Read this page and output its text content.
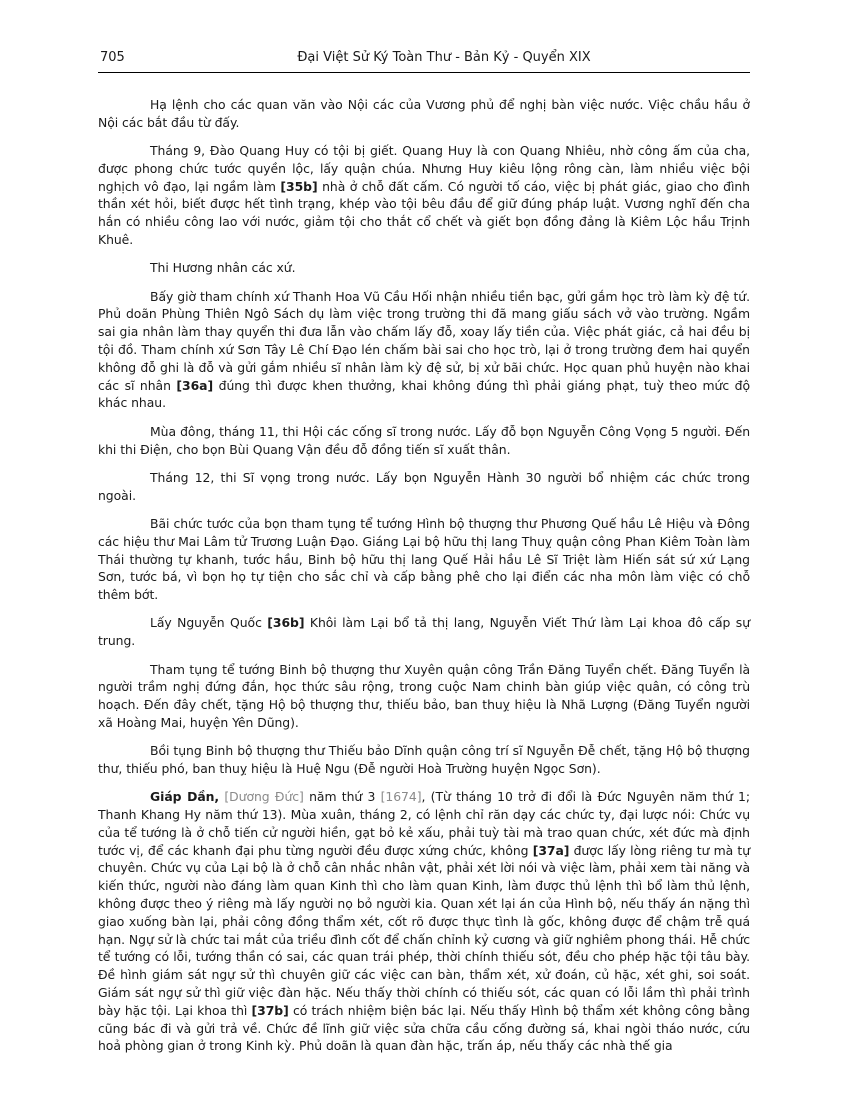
705	Đại Việt Sử Ký Toàn Thư - Bản Kỷ - Quyển XIX

Hạ lệnh cho các quan văn vào Nội các của Vương phủ để nghị bàn việc nước. Việc chầu hầu ở Nội các bắt đầu từ đấy.

Tháng 9, Đào Quang Huy có tội bị giết. Quang Huy là con Quang Nhiêu, nhờ công ấm của cha, được phong chức tước quyền lộc, lấy quận chúa. Nhưng Huy kiêu lộng rông càn, làm nhiều việc bội nghịch vô đạo, lại ngầm làm [35b] nhà ở chỗ đất cấm. Có người tố cáo, việc bị phát giác, giao cho đình thần xét hỏi, biết được hết tình trạng, khép vào tội bêu đầu để giữ đúng pháp luật. Vương nghĩ đến cha hắn có nhiều công lao với nước, giảm tội cho thắt cổ chết và giết bọn đồng đảng là Kiêm Lộc hầu Trịnh Khuê.

Thi Hương nhân các xứ.

Bấy giờ tham chính xứ Thanh Hoa Vũ Cầu Hối nhận nhiều tiền bạc, gửi gắm học trò làm kỳ đệ tứ. Phủ doãn Phùng Thiên Ngô Sách dụ làm việc trong trường thi đã mang giấu sách vở vào trường. Ngầm sai gia nhân làm thay quyển thi đưa lẫn vào chấm lấy đỗ, xoay lấy tiền của. Việc phát giác, cả hai đều bị tội đồ. Tham chính xứ Sơn Tây Lê Chí Đạo lén chấm bài sai cho học trò, lại ở trong trường đem hai quyển không đỗ ghi là đỗ và gửi gắm nhiều sĩ nhân làm kỳ đệ sử, bị xử bãi chức. Học quan phủ huyện nào khai các sĩ nhân [36a] đúng thì được khen thưởng, khai không đúng thì phải giáng phạt, tuỳ theo mức độ khác nhau.

Mùa đông, tháng 11, thi Hội các cống sĩ trong nước. Lấy đỗ bọn Nguyễn Công Vọng 5 người. Đến khi thi Điện, cho bọn Bùi Quang Vận đều đỗ đồng tiến sĩ xuất thân.

Tháng 12, thi Sĩ vọng trong nước. Lấy bọn Nguyễn Hành 30 người bổ nhiệm các chức trong ngoài.

Bãi chức tước của bọn tham tụng tể tướng Hình bộ thượng thư Phương Quế hầu Lê Hiệu và Đông các hiệu thư Mai Lâm tử Trương Luận Đạo. Giáng Lại bộ hữu thị lang Thuỵ quận công Phan Kiêm Toàn làm Thái thường tự khanh, tước hầu, Binh bộ hữu thị lang Quế Hải hầu Lê Sĩ Triệt làm Hiến sát sứ xứ Lạng Sơn, tước bá, vì bọn họ tự tiện cho sắc chỉ và cấp bằng phê cho lại điển các nha môn làm việc có chỗ thêm bớt.

Lấy Nguyễn Quốc [36b] Khôi làm Lại bổ tả thị lang, Nguyễn Viết Thứ làm Lại khoa đô cấp sự trung.

Tham tụng tể tướng Binh bộ thượng thư Xuyên quận công Trần Đăng Tuyển chết. Đăng Tuyển là người trầm nghị đứng đắn, học thức sâu rộng, trong cuộc Nam chinh bàn giúp việc quân, có công trù hoạch. Đến đây chết, tặng Hộ bộ thượng thư, thiếu bảo, ban thuỵ hiệu là Nhã Lượng (Đăng Tuyển người xã Hoàng Mai, huyện Yên Dũng).

Bồi tụng Binh bộ thượng thư Thiếu bảo Dĩnh quận công trí sĩ Nguyễn Đễ chết, tặng Hộ bộ thượng thư, thiếu phó, ban thuỵ hiệu là Huệ Ngu (Đễ người Hoà Trường huyện Ngọc Sơn).

Giáp Dần, [Dương Đức] năm thứ 3 [1674], (Từ tháng 10 trở đi đổi là Đức Nguyên năm thứ 1; Thanh Khang Hy năm thứ 13). Mùa xuân, tháng 2, có lệnh chỉ răn dạy các chức ty, đại lược nói: Chức vụ của tể tướng là ở chỗ tiến cử người hiền, gạt bỏ kẻ xấu, phải tuỳ tài mà trao quan chức, xét đức mà định tước vị, để các khanh đại phu từng người đều được xứng chức, không [37a] được lấy lòng riêng tư mà tự chuyên. Chức vụ của Lại bộ là ở chỗ cân nhắc nhân vật, phải xét lời nói và việc làm, phải xem tài năng và kiến thức, người nào đáng làm quan Kinh thì cho làm quan Kinh, làm được thủ lệnh thì bổ làm thủ lệnh, không được theo ý riêng mà lấy người nọ bỏ người kia. Quan xét lại án của Hình bộ, nếu thấy án nặng thì giao xuống bàn lại, phải công đồng thẩm xét, cốt rõ được thực tình là gốc, không được để chậm trễ quá hạn. Ngự sử là chức tai mắt của triều đình cốt để chấn chỉnh kỷ cương và giữ nghiêm phong thái. Hễ chức tể tướng có lỗi, tướng thần có sai, các quan trái phép, thời chính thiếu sót, đều cho phép hặc tội tâu bày. Đề hình giám sát ngự sử thì chuyên giữ các việc can bàn, thẩm xét, xử đoán, củ hặc, xét ghi, soi soát. Giám sát ngự sử thì giữ việc đàn hặc. Nếu thấy thời chính có thiếu sót, các quan có lỗi lầm thì phải trình bày hặc tội. Lại khoa thì [37b] có trách nhiệm biện bác lại. Nếu thấy Hình bộ thẩm xét không công bằng cũng bác đi và gửi trả về. Chức đề lĩnh giữ việc sửa chữa cầu cống đường sá, khai ngòi tháo nước, cứu hoả phòng gian ở trong Kinh kỳ. Phủ doãn là quan đàn hặc, trấn áp, nếu thấy các nhà thế gia
